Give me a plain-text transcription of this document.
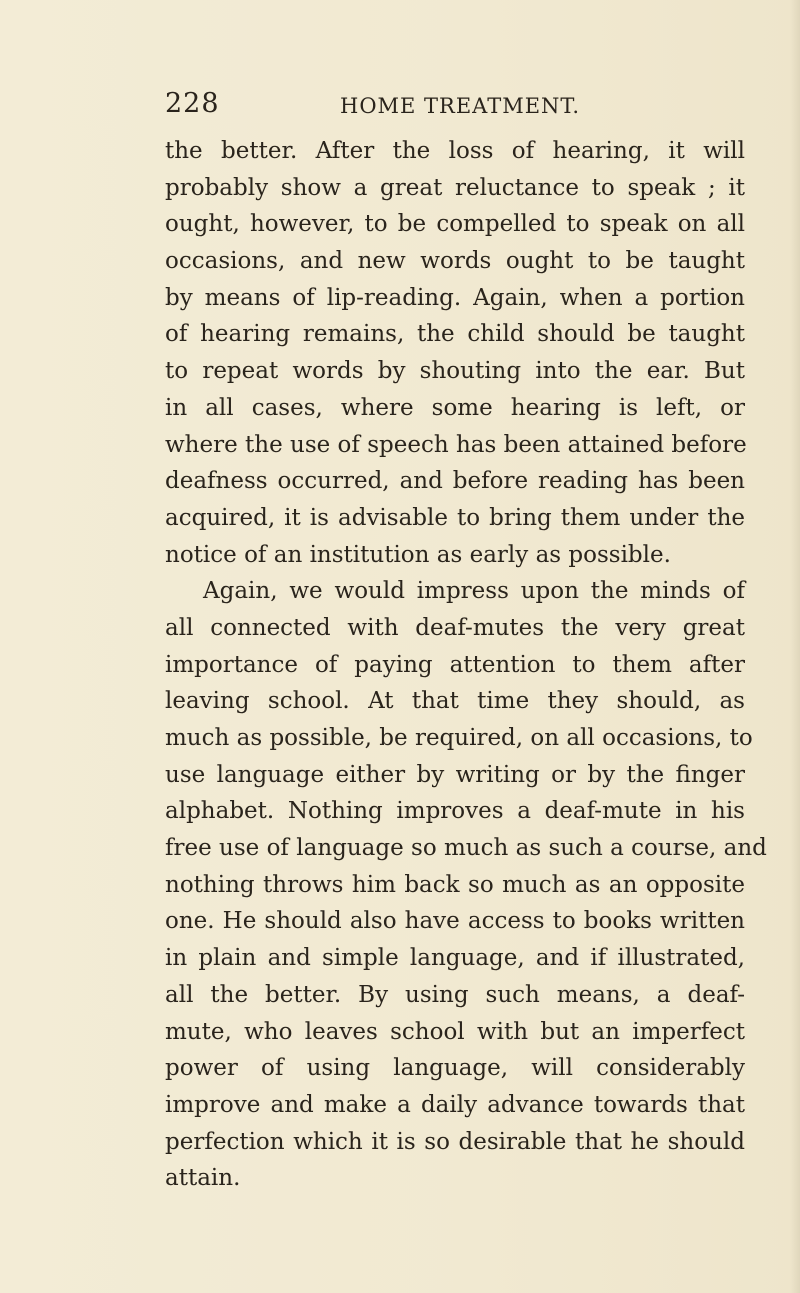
228	HOME TREATMENT.
the better. After the loss of hearing, it will
probably show a great reluctance to speak ; it
ought, however, to be compelled to speak on all
occasions, and new words ought to be taught
by means of lip-reading. Again, when a portion
of hearing remains, the child should be taught
to repeat words by shouting into the ear. But
in all cases, where some hearing is left, or
where the use of speech has been attained before
deafness occurred, and before reading has been
acquired, it is advisable to bring them under the
notice of an institution as early as possible.
Again, we would impress upon the minds of
all connected with deaf-mutes the very great
importance of paying attention to them after
leaving school. At that time they should, as
much as possible, be required, on all occasions, to
use language either by writing or by the finger
alphabet. Nothing improves a deaf-mute in his
free use of language so much as such a course, and
nothing throws him back so much as an opposite
one. He should also have access to books written
in plain and simple language, and if illustrated,
all the better. By using such means, a deaf-
mute, who leaves school with but an imperfect
power of using language, will considerably
improve and make a daily advance towards that
perfection which it is so desirable that he should
attain.
